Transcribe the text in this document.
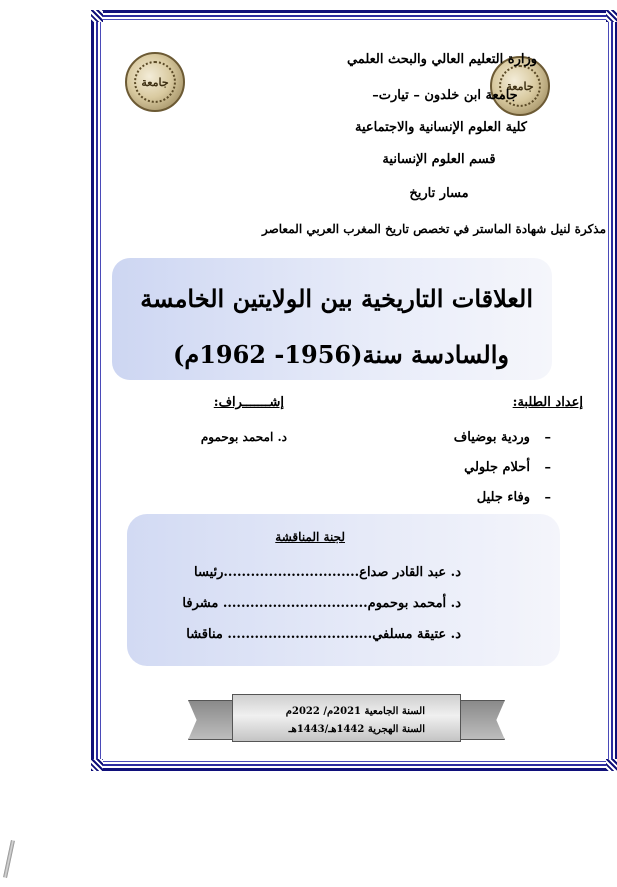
جامعة	جامعة
وزارة التعليم العالي والبحث العلمي
جامعة ابن خلدون – تيارت–
كلية العلوم الإنسانية والاجتماعية
قسم العلوم الإنسانية
مسار تاريخ
مذكرة لنيل شهادة الماستر في تخصص تاريخ المغرب العربي المعاصر
العلاقات التاريخية بين الولايتين الخامسة
والسادسة سنة(1956- 1962م)
إعداد الطلبة:
إشـــــــراف:
– وردية بوضياف
– أحلام جلولي
– وفاء جليل
د. امحمد بوحموم
لجنة المناقشة
د. عبد القادر صداع..............................رئيسا
د. أمحمد بوحموم................................ مشرفا
د. عتيقة مسلفي................................ مناقشا
السنة الجامعية 2021م/ 2022م
السنة الهجرية 1442هـ/1443هـ
